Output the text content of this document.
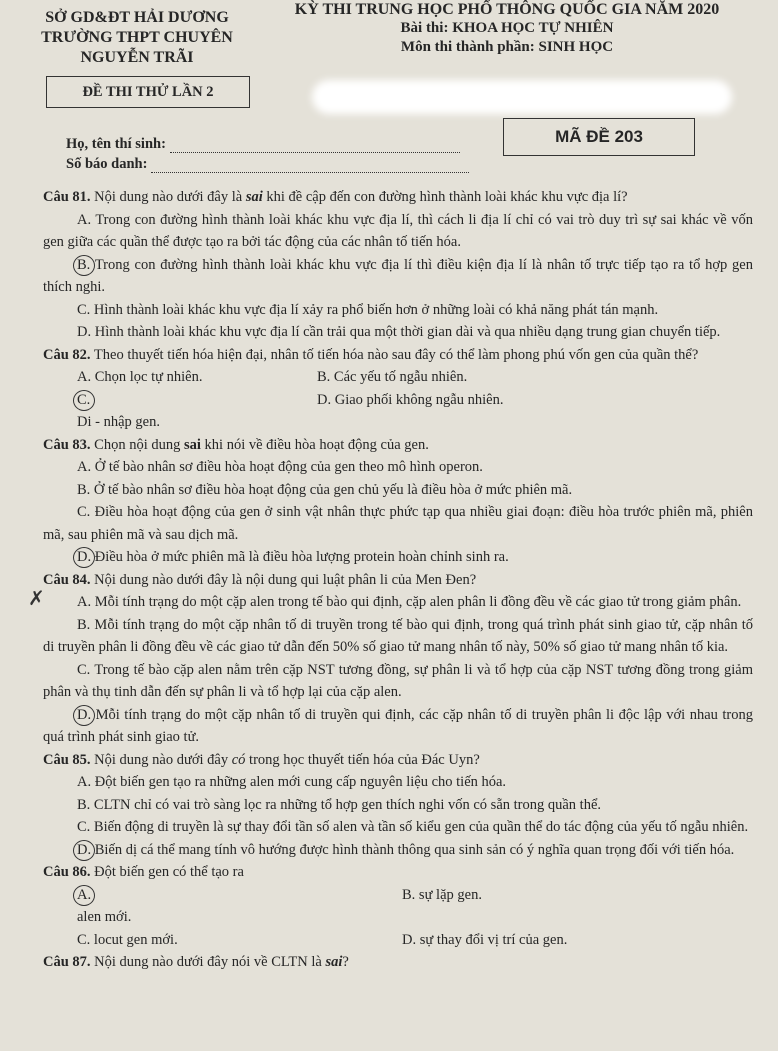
SỞ GD&ĐT HẢI DƯƠNG
TRƯỜNG THPT CHUYÊN
NGUYỄN TRÃI
KỲ THI TRUNG HỌC PHỔ THÔNG QUỐC GIA NĂM 2020
Bài thi: KHOA HỌC TỰ NHIÊN
Môn thi thành phần: SINH HỌC
ĐỀ THI THỬ LẦN 2
MÃ ĐỀ 203
Họ, tên thí sinh:
Số báo danh:
✗

Câu 81. Nội dung nào dưới đây là sai khi đề cập đến con đường hình thành loài khác khu vực địa lí?

A. Trong con đường hình thành loài khác khu vực địa lí, thì cách li địa lí chỉ có vai trò duy trì sự sai khác về vốn gen giữa các quần thể được tạo ra bởi tác động của các nhân tố tiến hóa.

B. Trong con đường hình thành loài khác khu vực địa lí thì điều kiện địa lí là nhân tố trực tiếp tạo ra tổ hợp gen thích nghi.

C. Hình thành loài khác khu vực địa lí xảy ra phổ biến hơn ở những loài có khả năng phát tán mạnh.

D. Hình thành loài khác khu vực địa lí cần trải qua một thời gian dài và qua nhiều dạng trung gian chuyển tiếp.

Câu 82. Theo thuyết tiến hóa hiện đại, nhân tố tiến hóa nào sau đây có thể làm phong phú vốn gen của quần thể?

A. Chọn lọc tự nhiên.	B. Các yếu tố ngẫu nhiên.
C.
Di - nhập gen.
D. Giao phối không ngẫu nhiên.

Câu 83. Chọn nội dung sai khi nói về điều hòa hoạt động của gen.

A. Ở tế bào nhân sơ điều hòa hoạt động của gen theo mô hình operon.

B. Ở tế bào nhân sơ điều hòa hoạt động của gen chủ yếu là điều hòa ở mức phiên mã.

C. Điều hòa hoạt động của gen ở sinh vật nhân thực phức tạp qua nhiều giai đoạn: điều hòa trước phiên mã, phiên mã, sau phiên mã và sau dịch mã.

D. Điều hòa ở mức phiên mã là điều hòa lượng protein hoàn chỉnh sinh ra.

Câu 84. Nội dung nào dưới đây là nội dung qui luật phân li của Men Đen?

A. Mỗi tính trạng do một cặp alen trong tế bào qui định, cặp alen phân li đồng đều về các giao tử trong giảm phân.

B. Mỗi tính trạng do một cặp nhân tố di truyền trong tế bào qui định, trong quá trình phát sinh giao tử, cặp nhân tố di truyền phân li đồng đều về các giao tử dẫn đến 50% số giao tử mang nhân tố này, 50% số giao tử mang nhân tố kia.

C. Trong tế bào cặp alen nằm trên cặp NST tương đồng, sự phân li và tổ hợp của cặp NST tương đồng trong giảm phân và thụ tinh dẫn đến sự phân li và tổ hợp lại của cặp alen.

D. Mỗi tính trạng do một cặp nhân tố di truyền qui định, các cặp nhân tố di truyền phân li độc lập với nhau trong quá trình phát sinh giao tử.

Câu 85. Nội dung nào dưới đây có trong học thuyết tiến hóa của Đác Uyn?

A. Đột biến gen tạo ra những alen mới cung cấp nguyên liệu cho tiến hóa.

B. CLTN chỉ có vai trò sàng lọc ra những tổ hợp gen thích nghi vốn có sẵn trong quần thể.

C. Biến động di truyền là sự thay đổi tần số alen và tần số kiểu gen của quần thể do tác động của yếu tố ngẫu nhiên.

D. Biến dị cá thể mang tính vô hướng được hình thành thông qua sinh sản có ý nghĩa quan trọng đối với tiến hóa.

Câu 86. Đột biến gen có thể tạo ra

A.
alen mới.
B. sự lặp gen.
C. locut gen mới.	D. sự thay đổi vị trí của gen.

Câu 87. Nội dung nào dưới đây nói về CLTN là sai?
